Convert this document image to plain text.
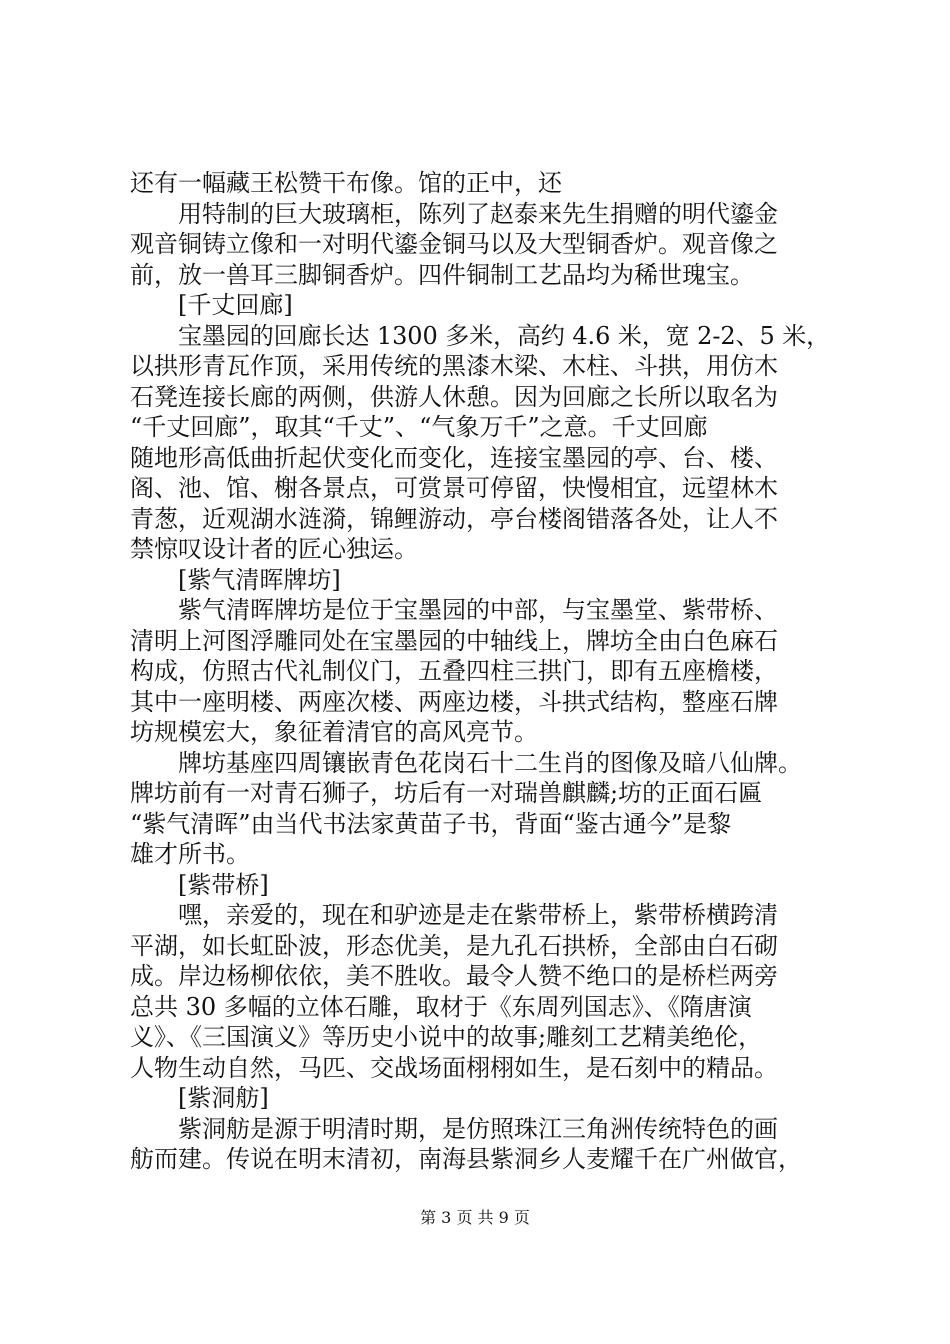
还有一幅藏王松赞干布像。馆的正中，还
用特制的巨大玻璃柜，陈列了赵泰来先生捐赠的明代鎏金
观音铜铸立像和一对明代鎏金铜马以及大型铜香炉。观音像之
前，放一兽耳三脚铜香炉。四件铜制工艺品均为稀世瑰宝。
[千丈回廊]
宝墨园的回廊长达 1300 多米，高约 4.6 米，宽 2-2、5 米，
以拱形青瓦作顶，采用传统的黑漆木梁、木柱、斗拱，用仿木
石凳连接长廊的两侧，供游人休憩。因为回廊之长所以取名为
“千丈回廊”，取其“千丈”、“气象万千”之意。千丈回廊
随地形高低曲折起伏变化而变化，连接宝墨园的亭、台、楼、
阁、池、馆、榭各景点，可赏景可停留，快慢相宜，远望林木
青葱，近观湖水涟漪，锦鲤游动，亭台楼阁错落各处，让人不
禁惊叹设计者的匠心独运。
[紫气清晖牌坊]
紫气清晖牌坊是位于宝墨园的中部，与宝墨堂、紫带桥、
清明上河图浮雕同处在宝墨园的中轴线上，牌坊全由白色麻石
构成，仿照古代礼制仪门，五叠四柱三拱门，即有五座檐楼，
其中一座明楼、两座次楼、两座边楼，斗拱式结构，整座石牌
坊规模宏大，象征着清官的高风亮节。
牌坊基座四周镶嵌青色花岗石十二生肖的图像及暗八仙牌。
牌坊前有一对青石狮子，坊后有一对瑞兽麒麟;坊的正面石匾
“紫气清晖”由当代书法家黄苗子书，背面“鉴古通今”是黎
雄才所书。
[紫带桥]
嘿，亲爱的，现在和驴迹是走在紫带桥上，紫带桥横跨清
平湖，如长虹卧波，形态优美，是九孔石拱桥，全部由白石砌
成。岸边杨柳依依，美不胜收。最令人赞不绝口的是桥栏两旁
总共 30 多幅的立体石雕，取材于《东周列国志》、《隋唐演
义》、《三国演义》等历史小说中的故事;雕刻工艺精美绝伦，
人物生动自然，马匹、交战场面栩栩如生，是石刻中的精品。
[紫洞舫]
紫洞舫是源于明清时期，是仿照珠江三角洲传统特色的画
舫而建。传说在明末清初，南海县紫洞乡人麦耀千在广州做官，
第 3 页 共 9 页
